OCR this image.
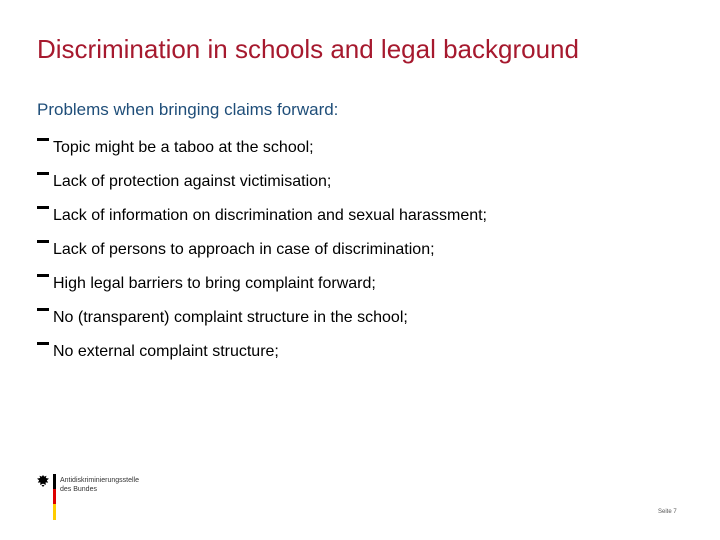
Discrimination in schools and legal background
Problems when bringing claims forward:
Topic might be a taboo at the school;
Lack of protection against victimisation;
Lack of information on discrimination and sexual harassment;
Lack of persons to approach in case of discrimination;
High legal barriers to bring complaint forward;
No (transparent) complaint structure in the school;
No external complaint structure;
Antidiskriminierungsstelle
des Bundes
Seite 7
